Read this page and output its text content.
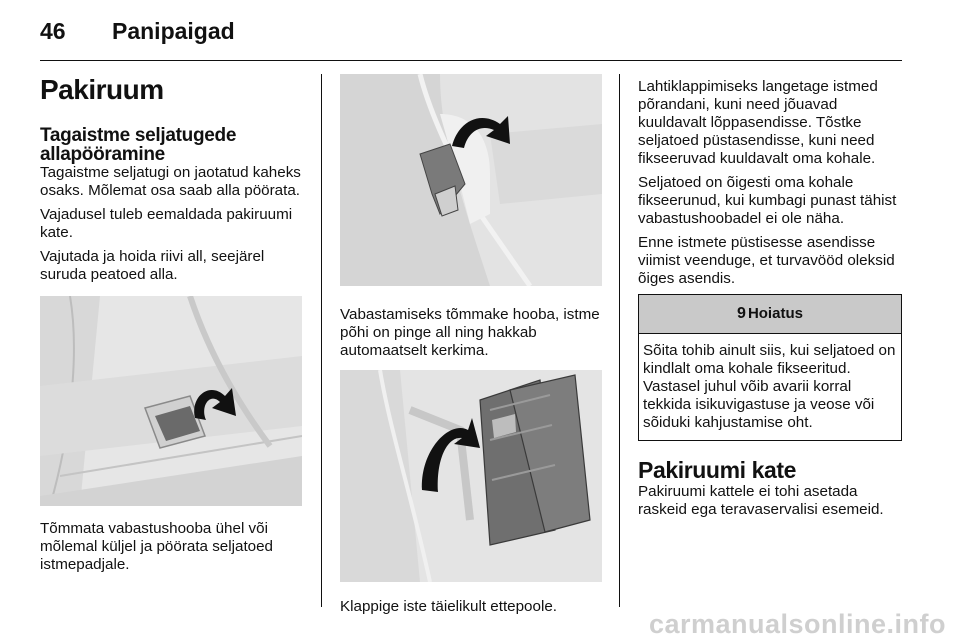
46 Panipaigad
Pakiruum
Tagaistme seljatugede allapööramine

Tagaistme seljatugi on jaotatud kaheks osaks. Mõlemat osa saab alla pöörata.

Vajadusel tuleb eemaldada pakiruumi kate.

Vajutada ja hoida riivi all, seejärel suruda peatoed alla.

Tõmmata vabastushooba ühel või mõlemal küljel ja pöörata seljatoed istmepadjale.

Vabastamiseks tõmmake hooba, istme põhi on pinge all ning hakkab automaatselt kerkima.

Klappige iste täielikult ettepoole.

Lahtiklappimiseks langetage istmed põrandani, kuni need jõuavad kuuldavalt lõppasendisse. Tõstke seljatoed püstasendisse, kuni need fikseeruvad kuuldavalt oma kohale.

Seljatoed on õigesti oma kohale fikseerunud, kui kumbagi punast tähist vabastushoobadel ei ole näha.

Enne istmete püstisesse asendisse viimist veenduge, et turvavööd oleksid õiges asendis.

9 Hoiatus
Sõita tohib ainult siis, kui seljatoed on kindlalt oma kohale fikseeritud. Vastasel juhul võib avarii korral tekkida isikuvigastuse ja veose või sõiduki kahjustamise oht.
Pakiruumi kate

Pakiruumi kattele ei tohi asetada raskeid ega teravaservalisi esemeid.

carmanualsonline.info
